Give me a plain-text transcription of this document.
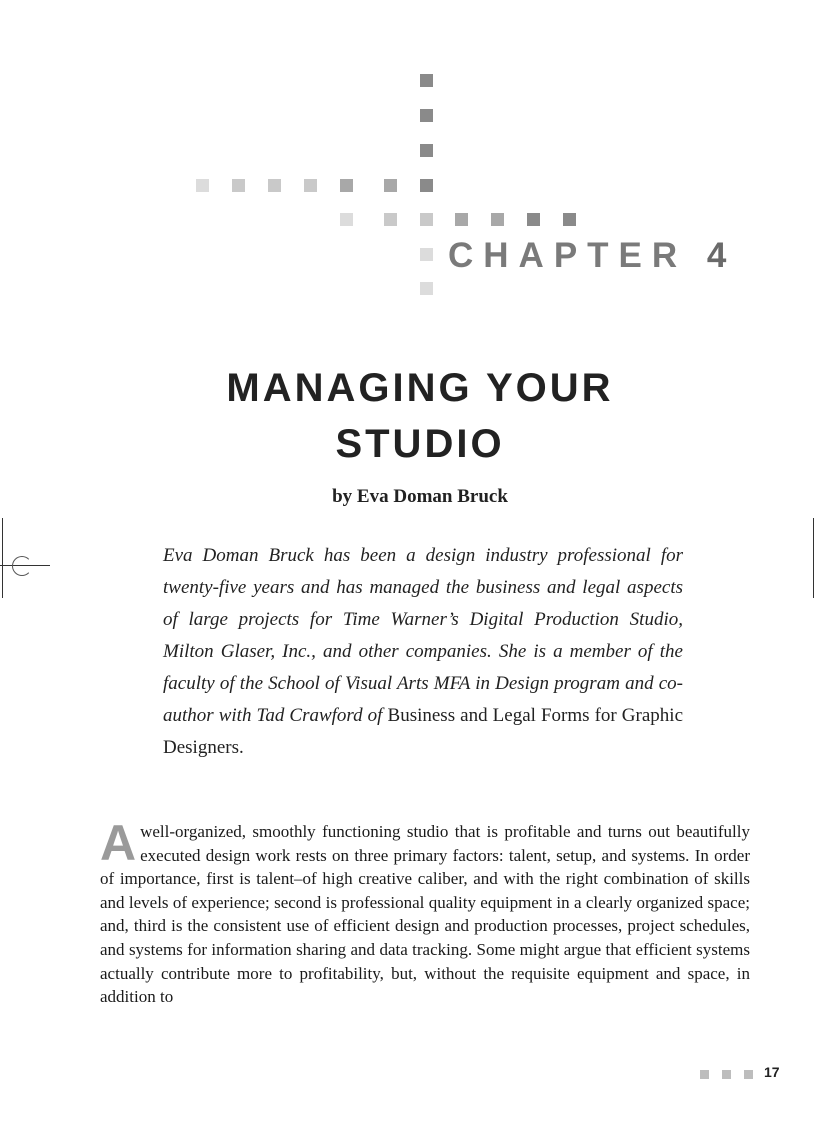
CHAPTER 4
MANAGING YOUR
STUDIO
by Eva Doman Bruck

Eva Doman Bruck has been a design industry professional for twenty-five years and has managed the business and legal aspects of large projects for Time Warner’s Digital Production Studio, Milton Glaser, Inc., and other companies. She is a member of the faculty of the School of Visual Arts MFA in Design program and co-author with Tad Crawford of Business and Legal Forms for Graphic Designers.

Awell-organized, smoothly functioning studio that is profitable and turns out beautifully executed design work rests on three primary factors: talent, setup, and systems. In order of importance, first is talent–of high creative caliber, and with the right combination of skills and levels of experience; second is professional quality equipment in a clearly organized space; and, third is the consistent use of efficient design and production processes, project schedules, and systems for information sharing and data tracking. Some might argue that efficient systems actually contribute more to profitability, but, without the requisite equipment and space, in addition to

17
